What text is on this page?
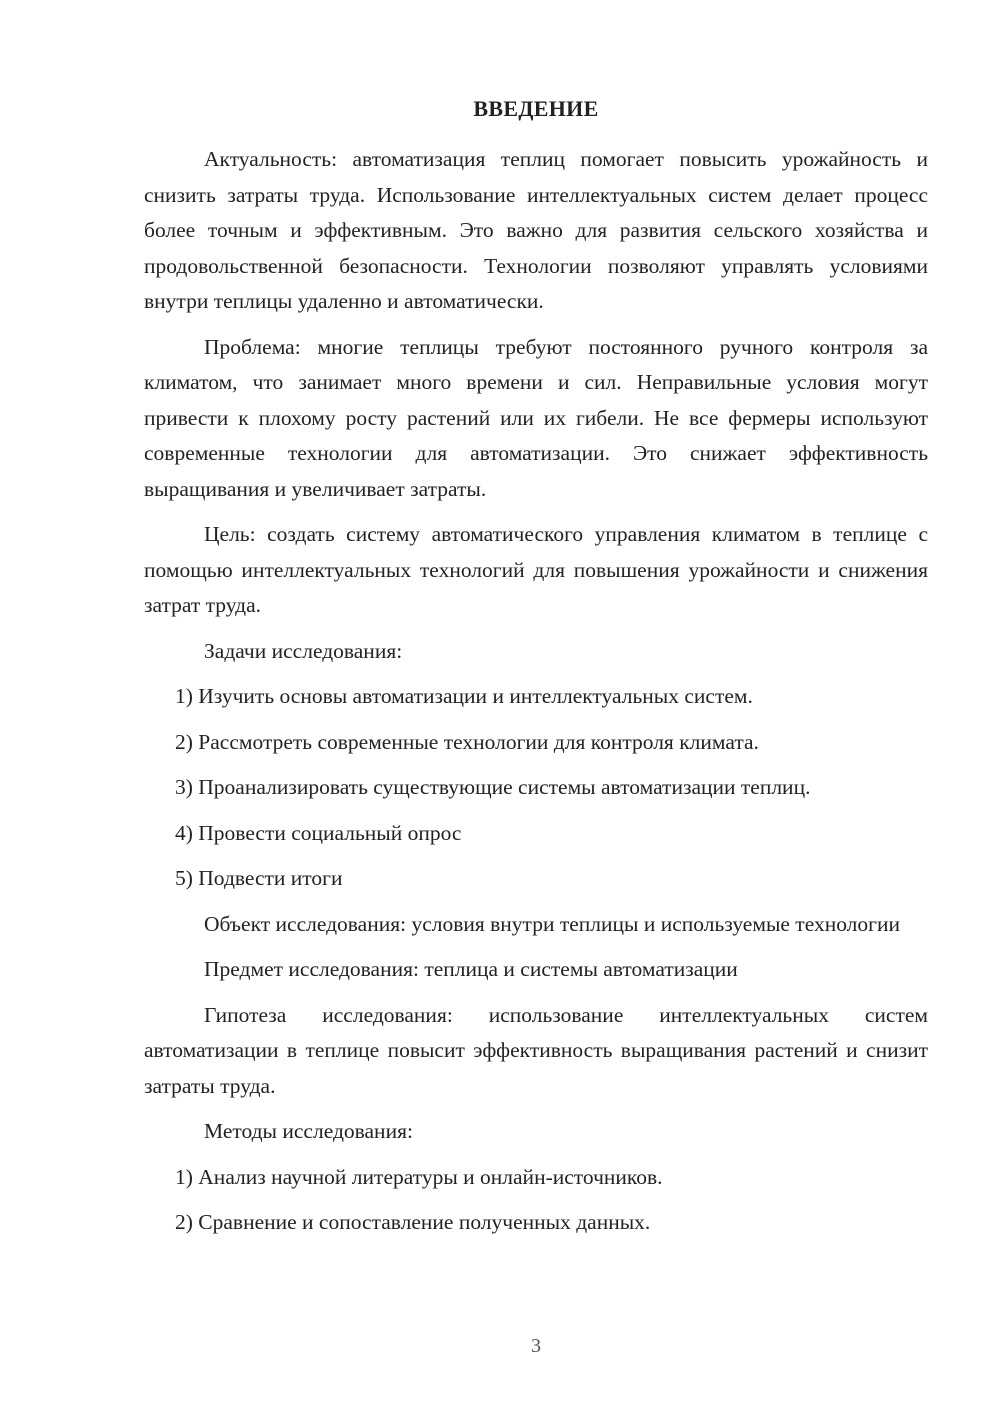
ВВЕДЕНИЕ

Актуальность: автоматизация теплиц помогает повысить урожайность и снизить затраты труда. Использование интеллектуальных систем делает процесс более точным и эффективным. Это важно для развития сельского хозяйства и продовольственной безопасности. Технологии позволяют управлять условиями внутри теплицы удаленно и автоматически.

Проблема: многие теплицы требуют постоянного ручного контроля за климатом, что занимает много времени и сил. Неправильные условия могут привести к плохому росту растений или их гибели. Не все фермеры используют современные технологии для автоматизации. Это снижает эффективность выращивания и увеличивает затраты.

Цель: создать систему автоматического управления климатом в теплице с помощью интеллектуальных технологий для повышения урожайности и снижения затрат труда.

Задачи исследования:

1) Изучить основы автоматизации и интеллектуальных систем.

2) Рассмотреть современные технологии для контроля климата.

3) Проанализировать существующие системы автоматизации теплиц.

4) Провести социальный опрос

5) Подвести итоги

Объект исследования: условия внутри теплицы и используемые технологии

Предмет исследования: теплица и системы автоматизации

Гипотеза исследования: использование интеллектуальных систем автоматизации в теплице повысит эффективность выращивания растений и снизит затраты труда.

Методы исследования:

1) Анализ научной литературы и онлайн-источников.

2) Сравнение и сопоставление полученных данных.

3
